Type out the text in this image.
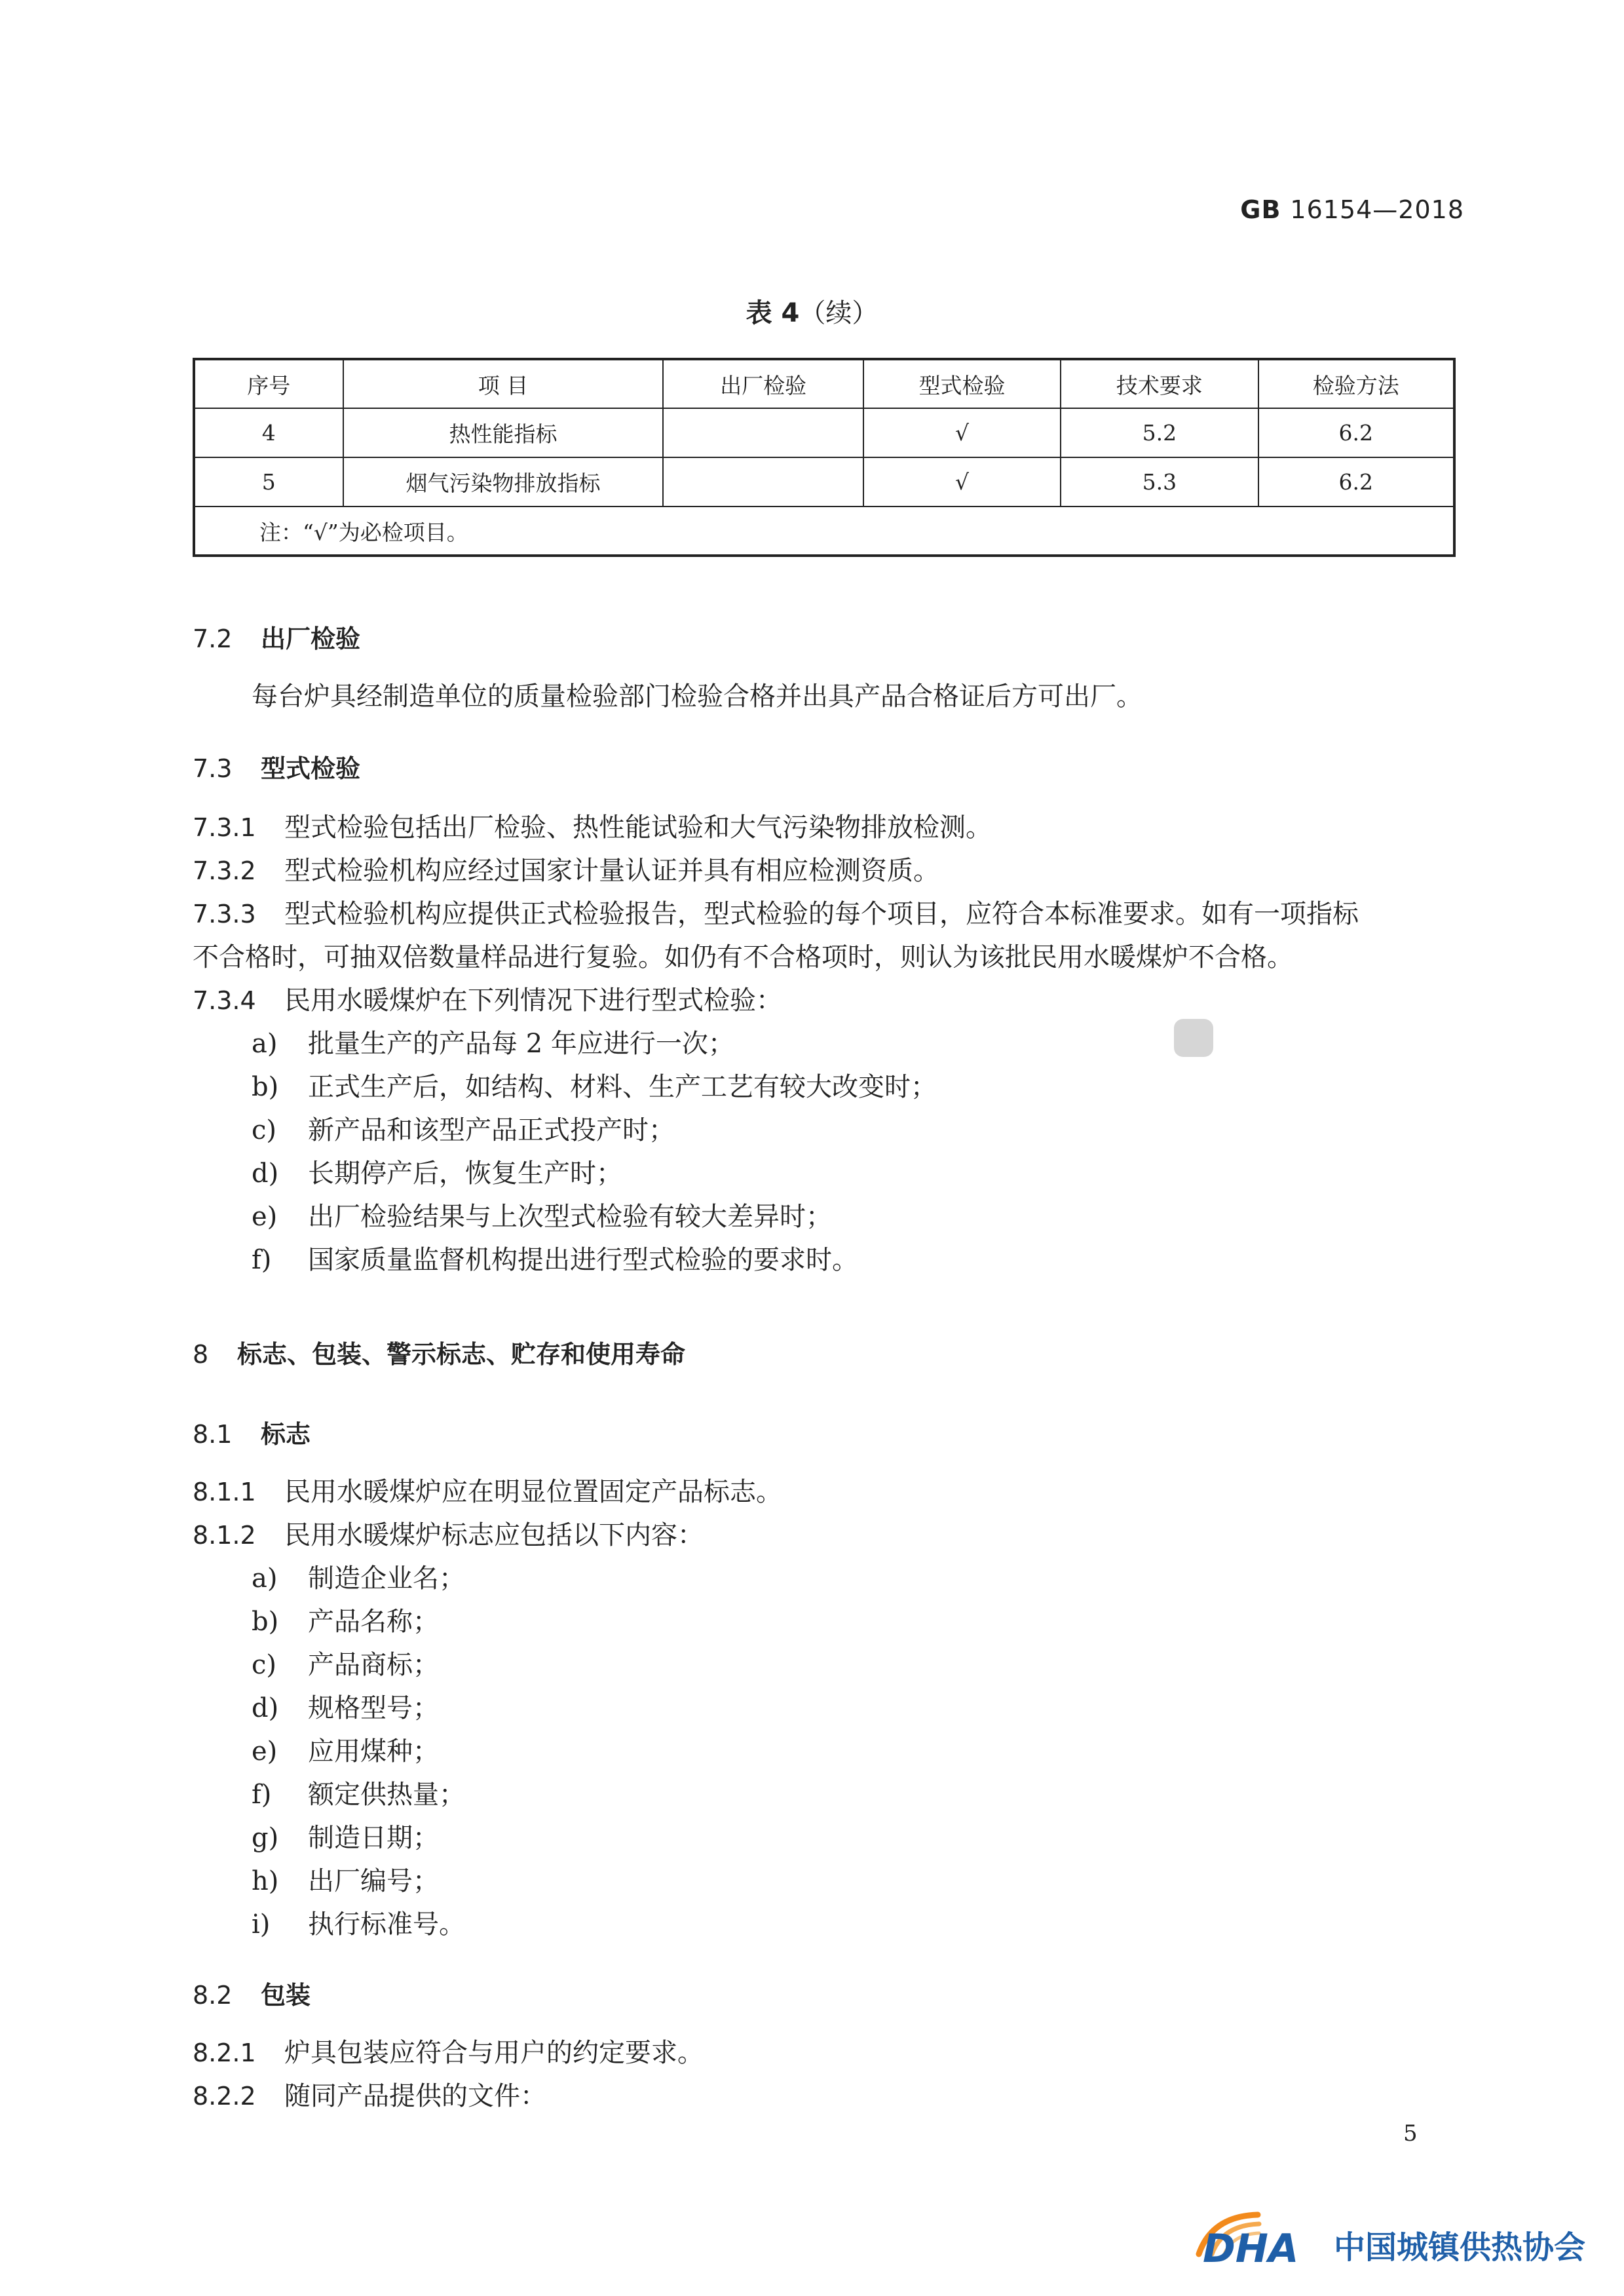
GB 16154—2018
表 4（续）
序号	项 目	出厂检验	型式检验	技术要求	检验方法
4	热性能指标		√	5.2	6.2
5	烟气污染物排放指标		√	5.3	6.2
注：“√”为必检项目。					
7.2 出厂检验
每台炉具经制造单位的质量检验部门检验合格并出具产品合格证后方可出厂。
7.3 型式检验
7.3.1 型式检验包括出厂检验、热性能试验和大气污染物排放检测。
7.3.2 型式检验机构应经过国家计量认证并具有相应检测资质。
7.3.3 型式检验机构应提供正式检验报告，型式检验的每个项目，应符合本标准要求。如有一项指标
不合格时，可抽双倍数量样品进行复验。如仍有不合格项时，则认为该批民用水暖煤炉不合格。
7.3.4 民用水暖煤炉在下列情况下进行型式检验：
a) 批量生产的产品每 2 年应进行一次；
b) 正式生产后，如结构、材料、生产工艺有较大改变时；
c) 新产品和该型产品正式投产时；
d) 长期停产后，恢复生产时；
e) 出厂检验结果与上次型式检验有较大差异时；
f) 国家质量监督机构提出进行型式检验的要求时。
8 标志、包装、警示标志、贮存和使用寿命
8.1 标志
8.1.1 民用水暖煤炉应在明显位置固定产品标志。
8.1.2 民用水暖煤炉标志应包括以下内容：
a) 制造企业名；
b) 产品名称；
c) 产品商标；
d) 规格型号；
e) 应用煤种；
f) 额定供热量；
g) 制造日期；
h) 出厂编号；
i) 执行标准号。
8.2 包装
8.2.1 炉具包装应符合与用户的约定要求。
8.2.2 随同产品提供的文件：
5
DHA 中国城镇供热协会
